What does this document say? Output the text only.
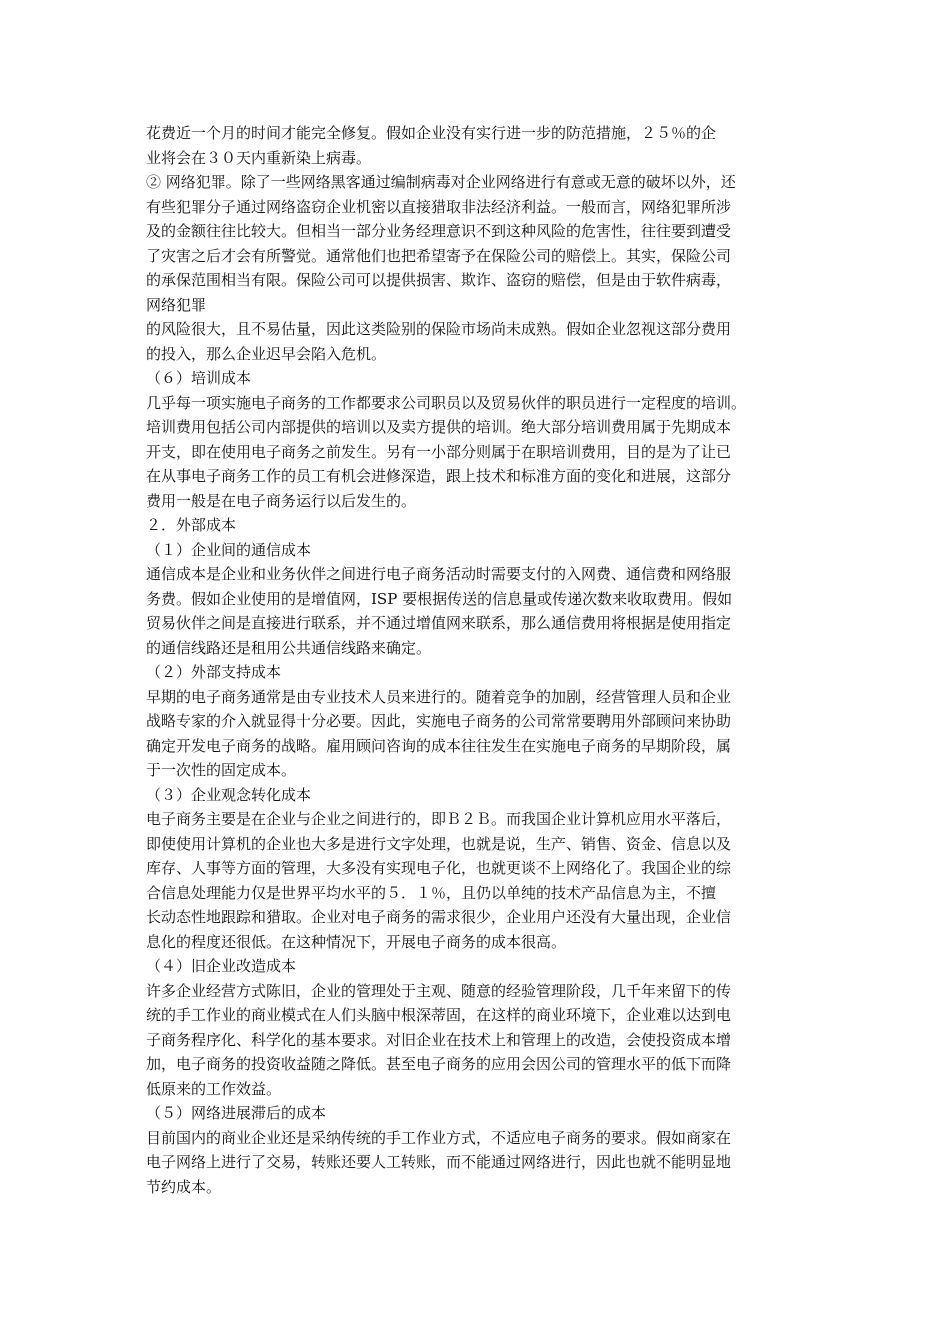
花费近一个月的时间才能完全修复。假如企业没有实行进一步的防范措施，２５％的企
业将会在３０天内重新染上病毒。
② 网络犯罪。除了一些网络黑客通过编制病毒对企业网络进行有意或无意的破坏以外，还
有些犯罪分子通过网络盗窃企业机密以直接猎取非法经济利益。一般而言，网络犯罪所涉
及的金额往往比较大。但相当一部分业务经理意识不到这种风险的危害性，往往要到遭受
了灾害之后才会有所警觉。通常他们也把希望寄予在保险公司的赔偿上。其实，保险公司
的承保范围相当有限。保险公司可以提供损害、欺诈、盗窃的赔偿，但是由于软件病毒，
网络犯罪
的风险很大，且不易估量，因此这类险别的保险市场尚未成熟。假如企业忽视这部分费用
的投入，那么企业迟早会陷入危机。
（６）培训成本
几乎每一项实施电子商务的工作都要求公司职员以及贸易伙伴的职员进行一定程度的培训。
培训费用包括公司内部提供的培训以及卖方提供的培训。绝大部分培训费用属于先期成本
开支，即在使用电子商务之前发生。另有一小部分则属于在职培训费用，目的是为了让已
在从事电子商务工作的员工有机会进修深造，跟上技术和标准方面的变化和进展，这部分
费用一般是在电子商务运行以后发生的。
２．外部成本
（１）企业间的通信成本
通信成本是企业和业务伙伴之间进行电子商务活动时需要支付的入网费、通信费和网络服
务费。假如企业使用的是增值网，ISP 要根据传送的信息量或传递次数来收取费用。假如
贸易伙伴之间是直接进行联系，并不通过增值网来联系，那么通信费用将根据是使用指定
的通信线路还是租用公共通信线路来确定。
（２）外部支持成本
早期的电子商务通常是由专业技术人员来进行的。随着竞争的加剧，经营管理人员和企业
战略专家的介入就显得十分必要。因此，实施电子商务的公司常常要聘用外部顾问来协助
确定开发电子商务的战略。雇用顾问咨询的成本往往发生在实施电子商务的早期阶段，属
于一次性的固定成本。
（３）企业观念转化成本
电子商务主要是在企业与企业之间进行的，即Ｂ２Ｂ。而我国企业计算机应用水平落后，
即使使用计算机的企业也大多是进行文字处理，也就是说，生产、销售、资金、信息以及
库存、人事等方面的管理，大多没有实现电子化，也就更谈不上网络化了。我国企业的综
合信息处理能力仅是世界平均水平的５．１％，且仍以单纯的技术产品信息为主，不擅
长动态性地跟踪和猎取。企业对电子商务的需求很少，企业用户还没有大量出现，企业信
息化的程度还很低。在这种情况下，开展电子商务的成本很高。
（４）旧企业改造成本
许多企业经营方式陈旧，企业的管理处于主观、随意的经验管理阶段，几千年来留下的传
统的手工作业的商业模式在人们头脑中根深蒂固，在这样的商业环境下，企业难以达到电
子商务程序化、科学化的基本要求。对旧企业在技术上和管理上的改造，会使投资成本增
加，电子商务的投资收益随之降低。甚至电子商务的应用会因公司的管理水平的低下而降
低原来的工作效益。
（５）网络进展滞后的成本
目前国内的商业企业还是采纳传统的手工作业方式，不适应电子商务的要求。假如商家在
电子网络上进行了交易，转账还要人工转账，而不能通过网络进行，因此也就不能明显地
节约成本。
